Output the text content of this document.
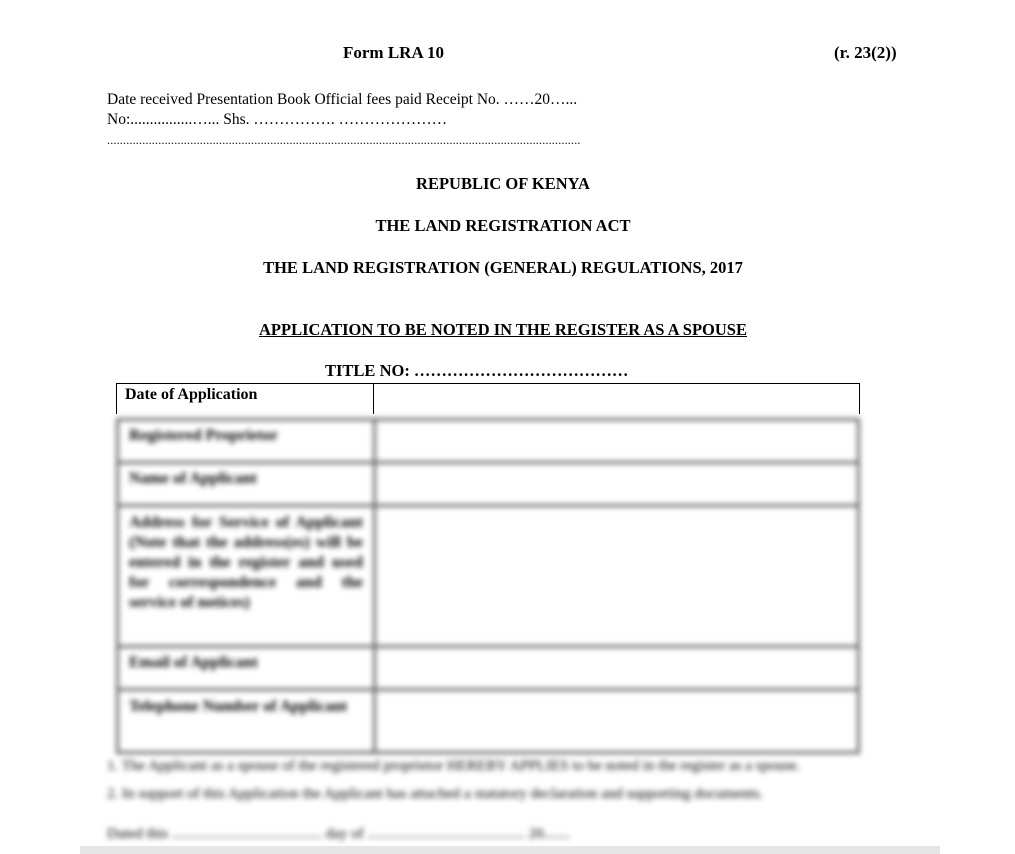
Form LRA 10	(r. 23(2))
Date received Presentation Book Official fees paid Receipt No. ……20…...
No:................…... Shs. ……………. …………………
....................................................................................................................................................
REPUBLIC OF KENYA
THE LAND REGISTRATION ACT
THE LAND REGISTRATION (GENERAL) REGULATIONS, 2017
APPLICATION TO BE NOTED IN THE REGISTER AS A SPOUSE
TITLE NO: …………………………………
Date of Application	
Registered Proprietor	
Name of Applicant	
Address for Service of Applicant (Note that the address(es) will be entered in the register and used for correspondence and the service of notices)	
Email of Applicant	
Telephone Number of Applicant	
1. The Applicant as a spouse of the registered proprietor HEREBY APPLIES to be noted in the register as a spouse.
2. In support of this Application the Applicant has attached a statutory declaration and supporting documents.
Dated this ........................................ day of .......................................... 20.......
